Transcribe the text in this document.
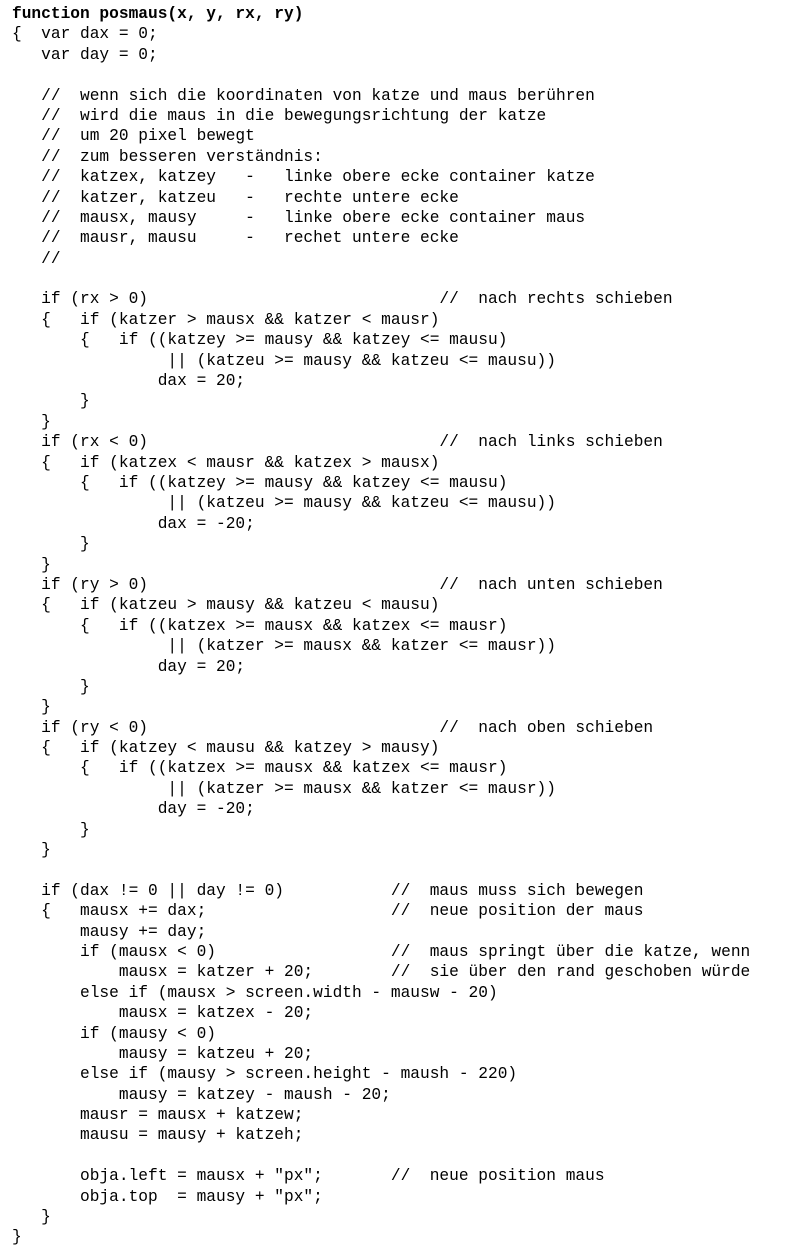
function posmaus(x, y, rx, ry)
{  var dax = 0;
var day = 0;
//  wenn sich die koordinaten von katze und maus berühren
//  wird die maus in die bewegungsrichtung der katze
//  um 20 pixel bewegt
//  zum besseren verständnis:
//  katzex, katzey   -   linke obere ecke container katze
//  katzer, katzeu   -   rechte untere ecke
//  mausx, mausy     -   linke obere ecke container maus
//  mausr, mausu     -   rechet untere ecke
//
if (rx > 0)                              //  nach rechts schieben
{   if (katzer > mausx && katzer < mausr)
{   if ((katzey >= mausy && katzey <= mausu)
|| (katzeu >= mausy && katzeu <= mausu))
dax = 20;
}
}
if (rx < 0)                              //  nach links schieben
{   if (katzex < mausr && katzex > mausx)
{   if ((katzey >= mausy && katzey <= mausu)
|| (katzeu >= mausy && katzeu <= mausu))
dax = -20;
}
}
if (ry > 0)                              //  nach unten schieben
{   if (katzeu > mausy && katzeu < mausu)
{   if ((katzex >= mausx && katzex <= mausr)
|| (katzer >= mausx && katzer <= mausr))
day = 20;
}
}
if (ry < 0)                              //  nach oben schieben
{   if (katzey < mausu && katzey > mausy)
{   if ((katzex >= mausx && katzex <= mausr)
|| (katzer >= mausx && katzer <= mausr))
day = -20;
}
}
if (dax != 0 || day != 0)           //  maus muss sich bewegen
{   mausx += dax;                   //  neue position der maus
mausy += day;
if (mausx < 0)                  //  maus springt über die katze, wenn
mausx = katzer + 20;        //  sie über den rand geschoben würde
else if (mausx > screen.width - mausw - 20)
mausx = katzex - 20;
if (mausy < 0)
mausy = katzeu + 20;
else if (mausy > screen.height - maush - 220)
mausy = katzey - maush - 20;
mausr = mausx + katzew;
mausu = mausy + katzeh;
obja.left = mausx + "px";       //  neue position maus
obja.top  = mausy + "px";
}
}
